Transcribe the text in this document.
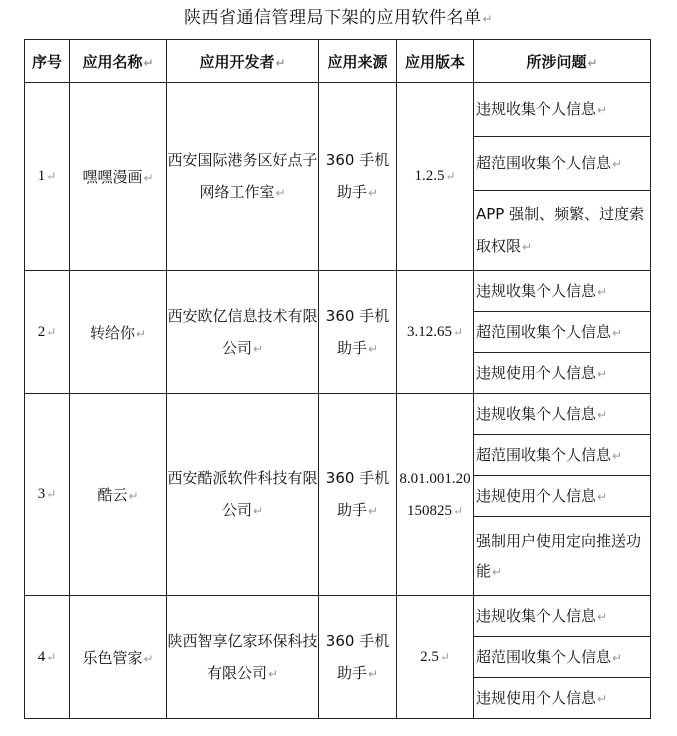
陕西省通信管理局下架的应用软件名单↵
序号	应用名称↵	应用开发者↵	应用来源	应用版本	所涉问题↵
1↵	嘿嘿漫画↵	西安国际港务区好点子网络工作室↵	360 手机助手↵	1.2.5↵	违规收集个人信息↵
					超范围收集个人信息↵
					APP 强制、频繁、过度索取权限↵
2↵	转给你↵	西安欧亿信息技术有限公司↵	360 手机助手↵	3.12.65↵	违规收集个人信息↵
					超范围收集个人信息↵
					违规使用个人信息↵
3↵	酷云↵	西安酷派软件科技有限公司↵	360 手机助手↵	8.01.001.20150825↵	违规收集个人信息↵
					超范围收集个人信息↵
					违规使用个人信息↵
					强制用户使用定向推送功能↵
4↵	乐色管家↵	陕西智享亿家环保科技有限公司↵	360 手机助手↵	2.5↵	违规收集个人信息↵
					超范围收集个人信息↵
					违规使用个人信息↵
